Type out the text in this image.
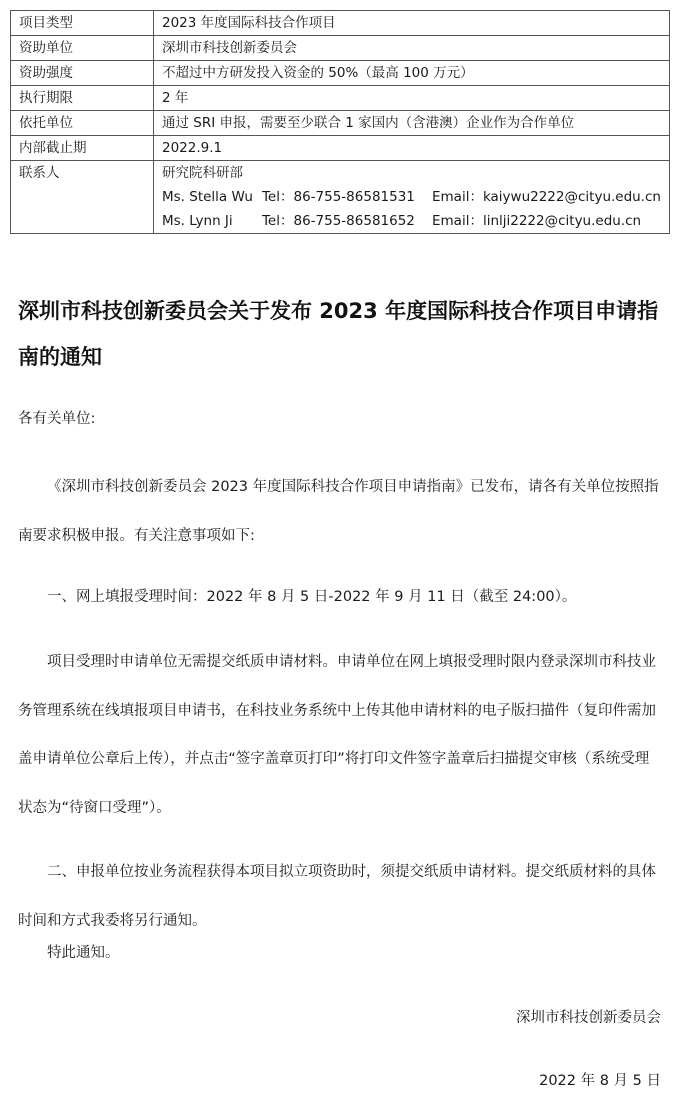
项目类型	2023 年度国际科技合作项目
资助单位	深圳市科技创新委员会
资助强度	不超过中方研发投入资金的 50%（最高 100 万元）
执行期限	2 年
依托单位	通过 SRI 申报，需要至少联合 1 家国内（含港澳）企业作为合作单位
内部截止期	2022.9.1
联系人	研究院科研部
Ms. Stella Wu Tel：86-755-86581531 Email：kaiywu2222@cityu.edu.cn
Ms. Lynn Ji Tel：86-755-86581652 Email：linlji2222@cityu.edu.cn
深圳市科技创新委员会关于发布 2023 年度国际科技合作项目申请指南的通知

各有关单位:

《深圳市科技创新委员会 2023 年度国际科技合作项目申请指南》已发布，请各有关单位按照指南要求积极申报。有关注意事项如下:

一、网上填报受理时间：2022 年 8 月 5 日-2022 年 9 月 11 日（截至 24:00）。

项目受理时申请单位无需提交纸质申请材料。申请单位在网上填报受理时限内登录深圳市科技业务管理系统在线填报项目申请书，在科技业务系统中上传其他申请材料的电子版扫描件（复印件需加盖申请单位公章后上传），并点击“签字盖章页打印”将打印文件签字盖章后扫描提交审核（系统受理状态为“待窗口受理”）。

二、申报单位按业务流程获得本项目拟立项资助时，须提交纸质申请材料。提交纸质材料的具体时间和方式我委将另行通知。

特此通知。

深圳市科技创新委员会
2022 年 8 月 5 日
